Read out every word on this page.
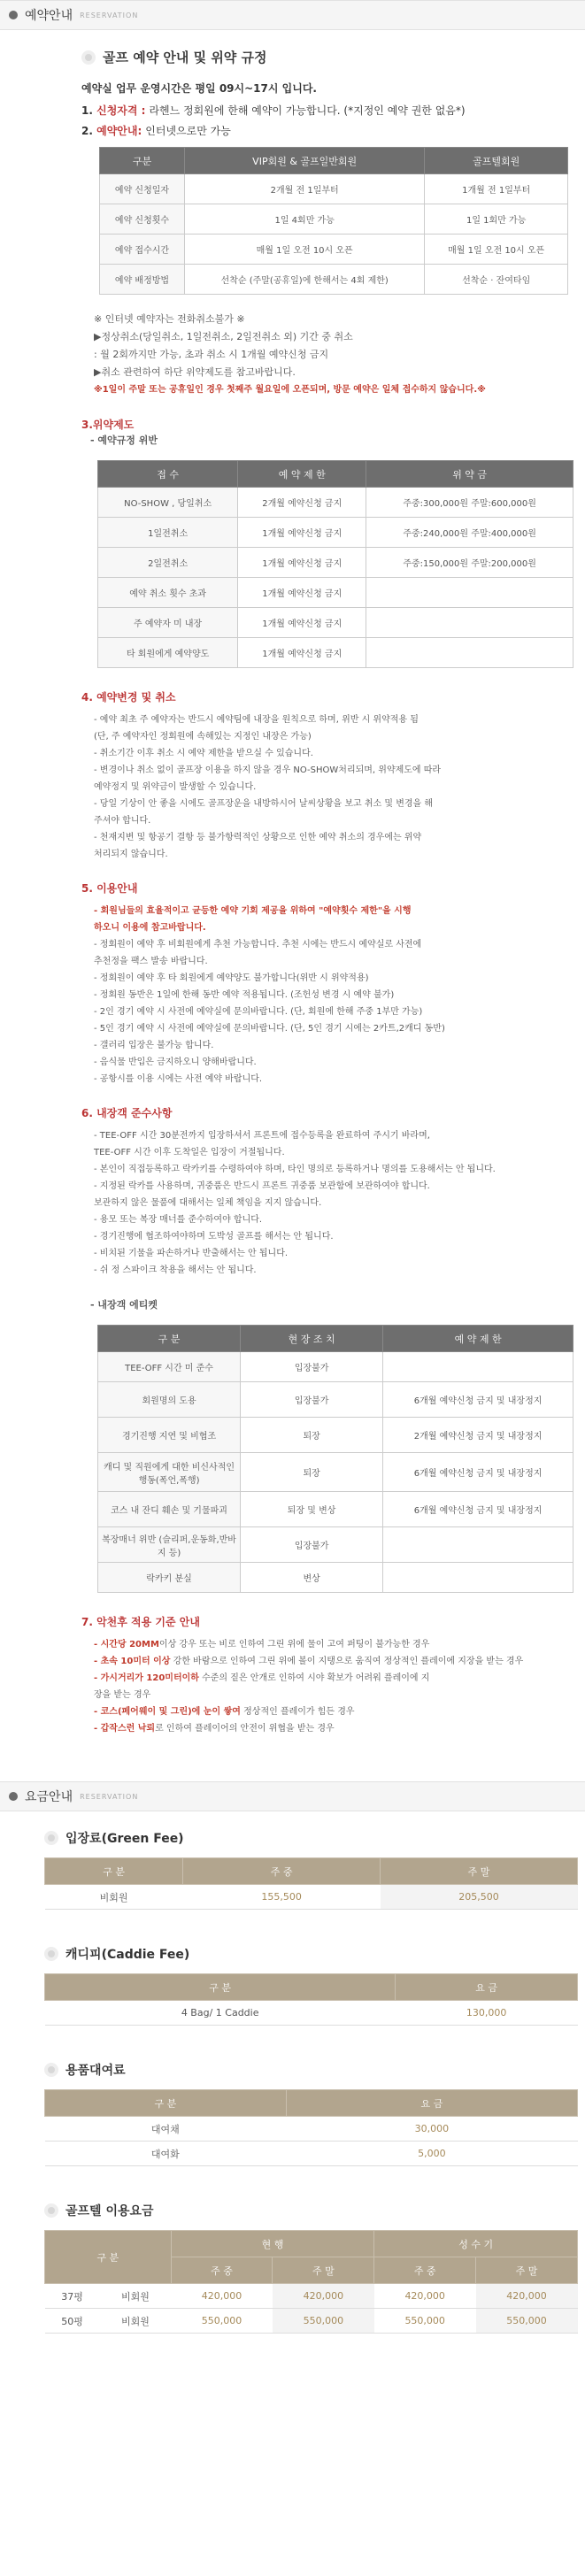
예약안내 RESERVATION
골프 예약 안내 및 위약 규정
예약실 업무 운영시간은 평일 09시~17시 입니다.
1.
신청자격 : 라헨느 정회원에 한해 예약이 가능합니다. (*지정인 예약 권한 없음*)
2.
예약안내: 인터넷으로만 가능
구분	VIP회원 & 골프일반회원	골프텔회원
예약 신청일자	2개월 전 1일부터	1개월 전 1일부터
예약 신청횟수	1일 4회만 가능	1일 1회만 가능
예약 접수시간	매월 1일 오전 10시 오픈	매월 1일 오전 10시 오픈
예약 배정방법	선착순 (주말(공휴일)에 한해서는 4회 제한)	선착순 · 잔여타임
※ 인터넷 예약자는 전화취소불가 ※
▶정상취소(당일취소, 1일전취소, 2일전취소 외) 기간 중 취소
: 월 2회까지만 가능, 초과 취소 시 1개월 예약신청 금지
▶취소 관련하여 하단 위약제도를 참고바랍니다.
※1일이 주말 또는 공휴일인 경우 첫째주 월요일에 오픈되며, 방문 예약은 일체 접수하지 않습니다.※
3.위약제도
- 예약규정 위반
접 수	예 약 제 한	위 약 금
NO-SHOW , 당일취소	2개월 예약신청 금지	주중:300,000원 주말:600,000원
1일전취소	1개월 예약신청 금지	주중:240,000원 주말:400,000원
2일전취소	1개월 예약신청 금지	주중:150,000원 주말:200,000원
예약 취소 횟수 초과	1개월 예약신청 금지	
주 예약자 미 내장	1개월 예약신청 금지	
타 회원에게 예약양도	1개월 예약신청 금지	
4. 예약변경 및 취소
- 예약 최초 주 예약자는 반드시 예약팀에 내장을 원칙으로 하며, 위반 시 위약적용 됨
(단, 주 예약자인 정회원에 속해있는 지정인 내장은 가능)
- 취소기간 이후 취소 시 예약 제한을 받으실 수 있습니다.
- 변경이나 취소 없이 골프장 이용을 하지 않을 경우 NO-SHOW처리되며, 위약제도에 따라
예약정지 및 위약금이 발생할 수 있습니다.
- 당일 기상이 안 좋을 시에도 골프장운을 내방하시어 날씨상황을 보고 취소 및 변경을 해
주셔야 합니다.
- 천재지변 및 항공기 결항 등 불가항력적인 상황으로 인한 예약 취소의 경우에는 위약
처리되지 않습니다.
5. 이용안내
- 회원님들의 효율적이고 균등한 예약 기회 제공을 위하여 "예약횟수 제한"을 시행
하오니 이용에 참고바랍니다.
- 정회원이 예약 후 비회원에게 추천 가능합니다. 추천 시에는 반드시 예약실로 사전에
추천정을 팩스 발송 바랍니다.
- 정회원이 예약 후 타 회원에게 예약양도 불가합니다(위반 시 위약적용)
- 정회원 동반은 1일에 한해 동반 예약 적용됩니다. (조헌성 변경 시 예약 불가)
- 2인 경기 예약 시 사전에 예약실에 문의바랍니다. (단, 회원에 한해 주중 1부만 가능)
- 5인 경기 예약 시 사전에 예약실에 문의바랍니다. (단, 5인 경기 시에는 2카트,2캐디 동반)
- 갤러리 입장은 불가능 합니다.
- 음식물 반입은 금지하오니 양해바랍니다.
- 공항시를 이용 시에는 사전 예약 바랍니다.
6. 내장객 준수사항
- TEE-OFF 시간 30분전까지 입장하셔서 프론트에 접수등록을 완료하여 주시기 바라며,
TEE-OFF 시간 이후 도착일은 입장이 거절됩니다.
- 본인이 직접등록하고 락카키를 수령하여야 하며, 타인 명의로 등록하거나 명의를 도용해서는 안 됩니다.
- 지정된 락카를 사용하며, 귀중품은 반드시 프론트 귀중품 보관함에 보관하여야 합니다.
보관하지 않은 물품에 대해서는 일체 책임을 지지 않습니다.
- 용모 또는 복장 매너를 준수하여야 합니다.
- 경기진행에 협조하여야하며 도박성 골프를 해서는 안 됩니다.
- 비치된 기물을 파손하거나 반출해서는 안 됩니다.
- 쉬 정 스파이크 착용을 해서는 안 됩니다.
- 내장객 에티켓
구 분	현 장 조 치	예 약 제 한
TEE-OFF 시간 미 준수	입장불가	
회원명의 도용	입장불가	6개월 예약신청 금지 및 내장정지
경기진행 지연 및 비협조	퇴장	2개월 예약신청 금지 및 내장정지
캐디 및 직원에게 대한 비신사적인 행동(폭언,폭행)	퇴장	6개월 예약신청 금지 및 내장정지
코스 내 잔디 훼손 및 기물파괴	퇴장 및 변상	6개월 예약신청 금지 및 내장정지
복장매너 위반 (슬리퍼,운동화,반바지 등)	입장불가	
락카키 분실	변상	
7. 악천후 적용 기준 안내
- 시간당 20MM이상 강우 또는 비로 인하여 그린 위에 물이 고여 퍼팅이 불가능한 경우
- 초속 10미터 이상 강한 바람으로 인하여 그린 위에 볼이 지탱으로 움직여 정상적인 플레이에 지장을 받는 경우
- 가시거리가 120미터이하 수준의 짙은 안개로 인하여 시야 확보가 어려워 플레이에 지
장을 받는 경우
- 코스(페어웨이 및 그린)에 눈이 쌓여 정상적인 플레이가 힘든 경우
- 갑작스런 낙뢰로 인하여 플레이어의 안전이 위협을 받는 경우
요금안내 RESERVATION
입장료(Green Fee)
구 분	주 중	주 말
비회원	155,500	205,500
캐디피(Caddie Fee)
구 분	요 금
4 Bag/ 1 Caddie	130,000
용품대여료
구 분	요 금
대여채	30,000
대여화	5,000
골프텔 이용요금
구 분		현 행		성 수 기	
		주 중	주 말	주 중	주 말
37평	비회원	420,000	420,000	420,000	420,000
50평	비회원	550,000	550,000	550,000	550,000
